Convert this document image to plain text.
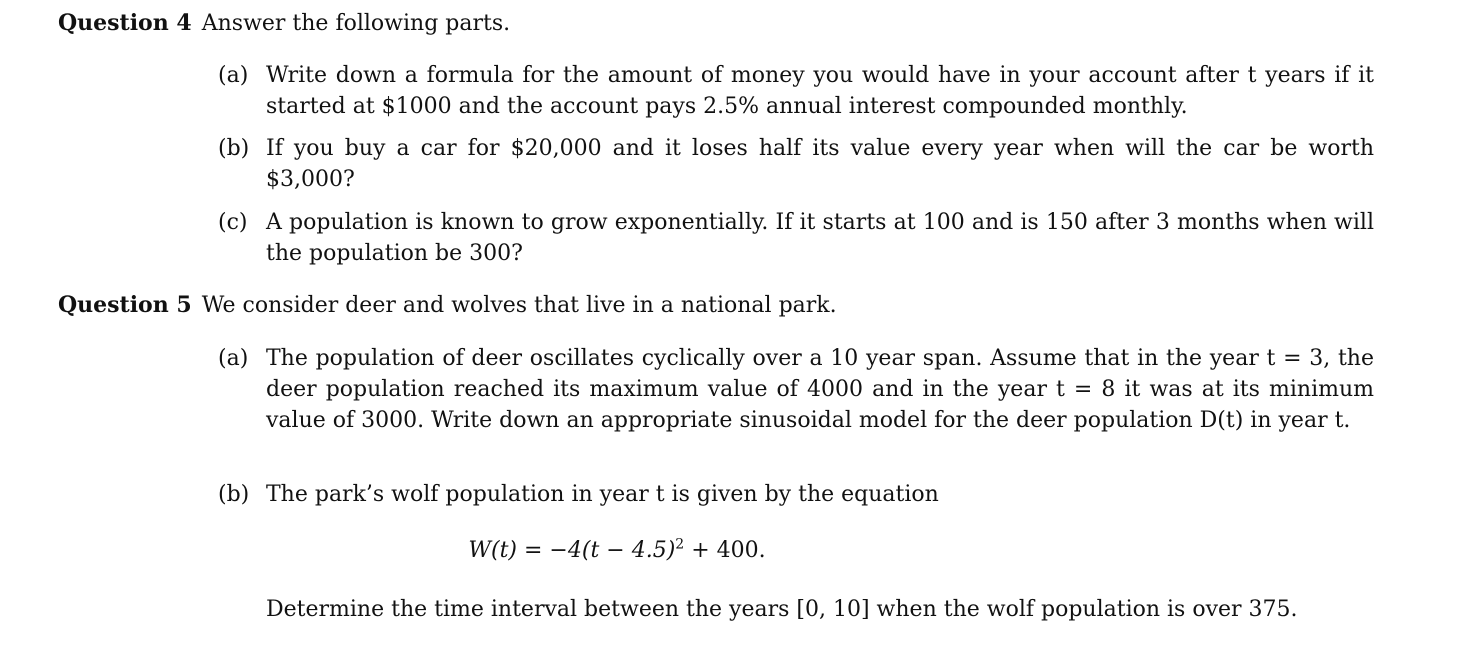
Question 4 Answer the following parts.
(a) Write down a formula for the amount of money you would have in your account after t years if it started at $1000 and the account pays 2.5% annual interest compounded monthly.
(b) If you buy a car for $20,000 and it loses half its value every year when will the car be worth $3,000?
(c) A population is known to grow exponentially. If it starts at 100 and is 150 after 3 months when will the population be 300?
Question 5 We consider deer and wolves that live in a national park.
(a) The population of deer oscillates cyclically over a 10 year span. Assume that in the year t = 3, the deer population reached its maximum value of 4000 and in the year t = 8 it was at its minimum value of 3000. Write down an appropriate sinusoidal model for the deer population D(t) in year t.
(b) The park’s wolf population in year t is given by the equation
$W(t) = -4(t - 4.5)^2 + 400$.
Determine the time interval between the years [0, 10] when the wolf population is over 375.
